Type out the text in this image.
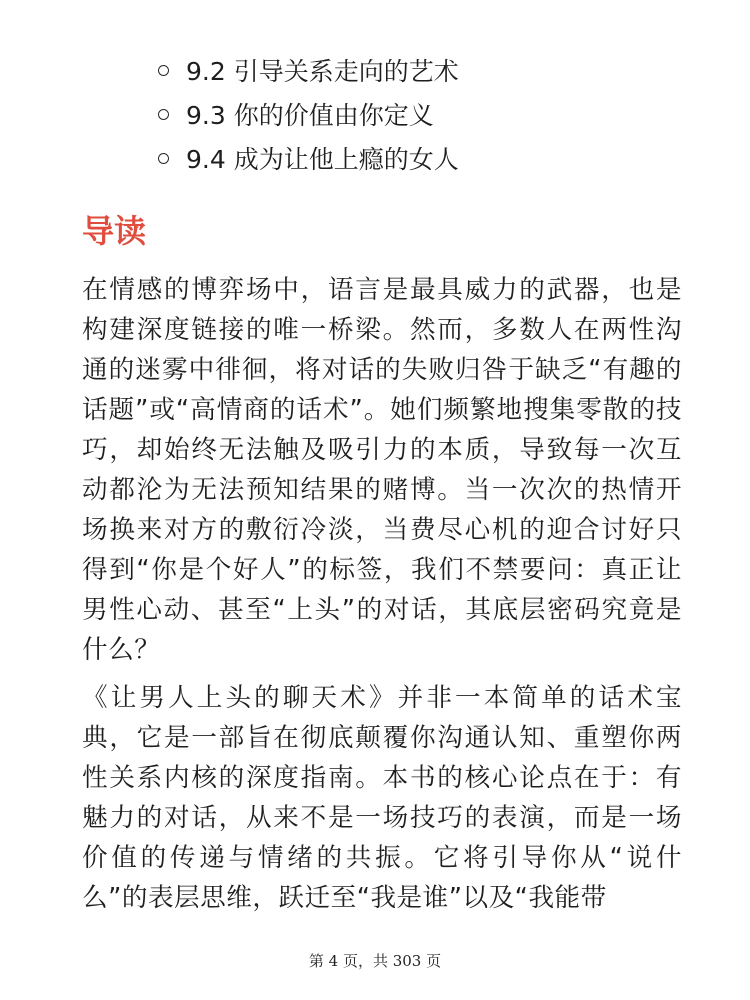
9.2 引导关系走向的艺术
9.3 你的价值由你定义
9.4 成为让他上瘾的女人
导读

在情感的博弈场中，语言是最具威力的武器，也是构建深度链接的唯一桥梁。然而，多数人在两性沟通的迷雾中徘徊，将对话的失败归咎于缺乏“有趣的话题”或“高情商的话术”。她们频繁地搜集零散的技巧，却始终无法触及吸引力的本质，导致每一次互动都沦为无法预知结果的赌博。当一次次的热情开场换来对方的敷衍冷淡，当费尽心机的迎合讨好只得到“你是个好人”的标签，我们不禁要问：真正让男性心动、甚至“上头”的对话，其底层密码究竟是什么？

《让男人上头的聊天术》并非一本简单的话术宝典，它是一部旨在彻底颠覆你沟通认知、重塑你两性关系内核的深度指南。本书的核心论点在于：有魅力的对话，从来不是一场技巧的表演，而是一场价值的传递与情绪的共振。它将引导你从“说什么”的表层思维，跃迁至“我是谁”以及“我能带

第 4 页，共 303 页
